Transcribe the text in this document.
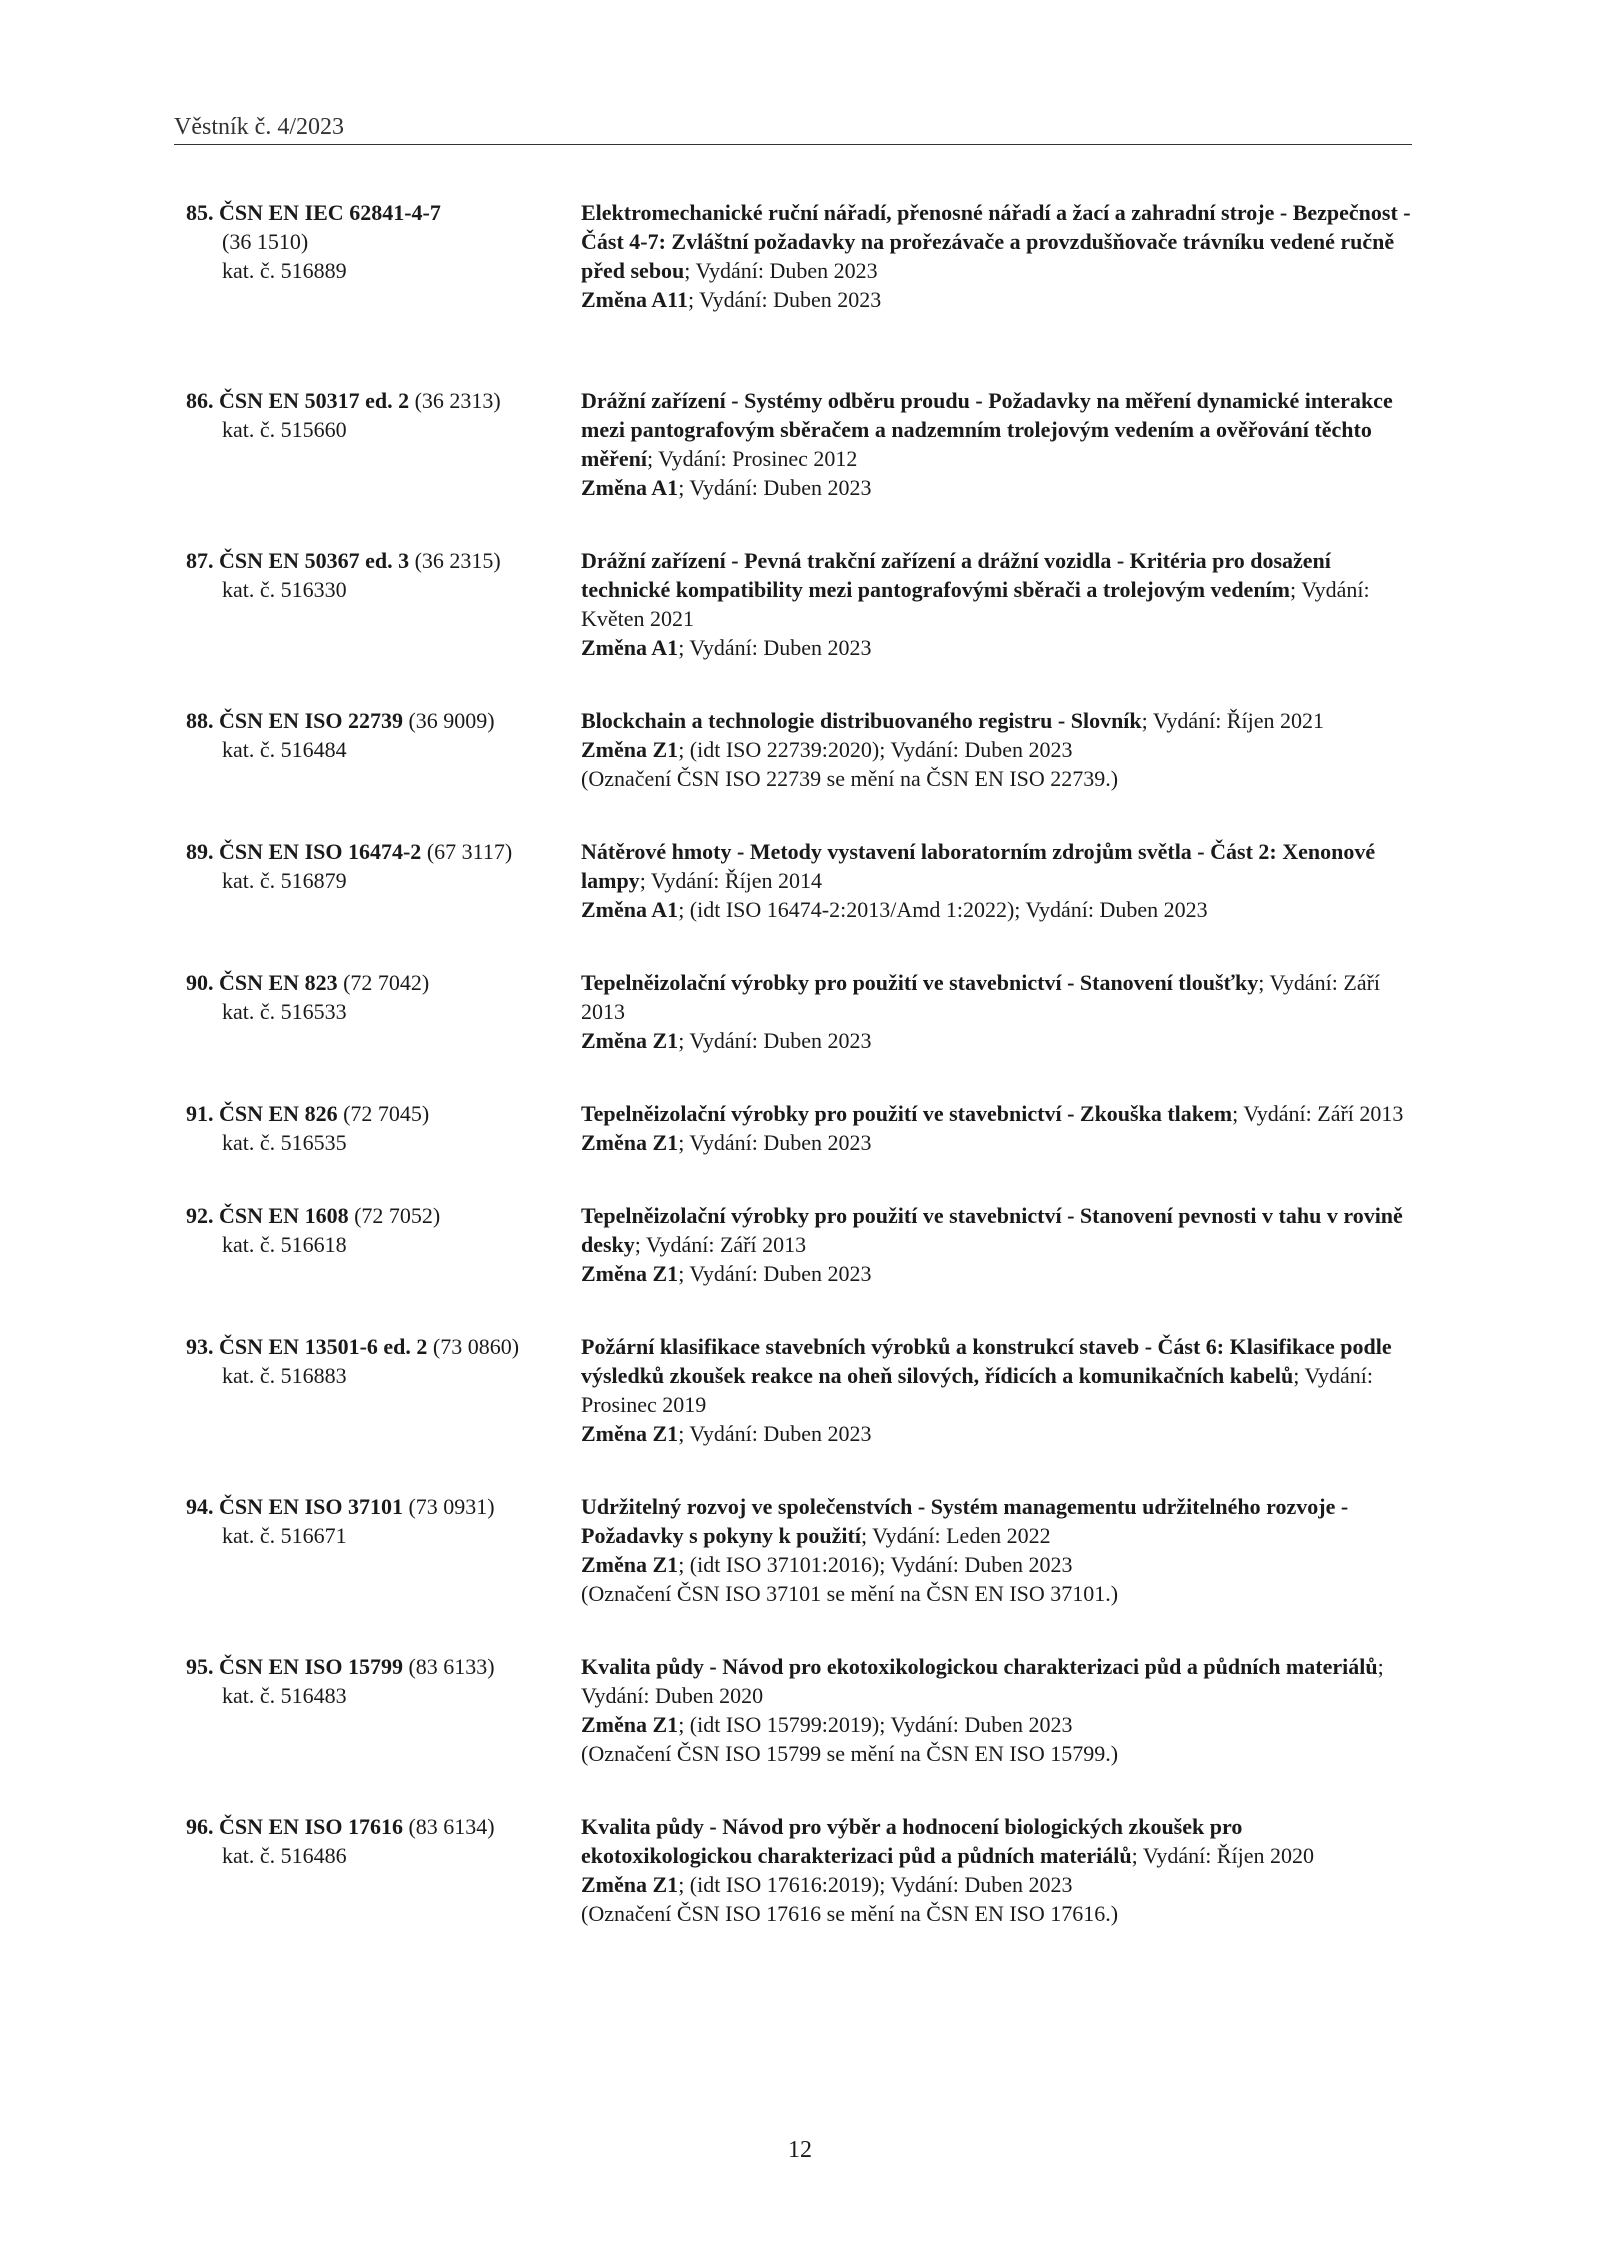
Věstník č. 4/2023
85. ČSN EN IEC 62841-4-7
(36 1510)
kat. č. 516889
Elektromechanické ruční nářadí, přenosné nářadí a žací a zahradní stroje - Bezpečnost - Část 4-7: Zvláštní požadavky na prořezávače a provzdušňovače trávníku vedené ručně před sebou; Vydání: Duben 2023
Změna A11; Vydání: Duben 2023
86. ČSN EN 50317 ed. 2 (36 2313)
kat. č. 515660
Drážní zařízení - Systémy odběru proudu - Požadavky na měření dynamické interakce mezi pantografovým sběračem a nadzemním trolejovým vedením a ověřování těchto měření; Vydání: Prosinec 2012
Změna A1; Vydání: Duben 2023
87. ČSN EN 50367 ed. 3 (36 2315)
kat. č. 516330
Drážní zařízení - Pevná trakční zařízení a drážní vozidla - Kritéria pro dosažení technické kompatibility mezi pantografovými sběrači a trolejovým vedením; Vydání: Květen 2021
Změna A1; Vydání: Duben 2023
88. ČSN EN ISO 22739 (36 9009)
kat. č. 516484
Blockchain a technologie distribuovaného registru - Slovník; Vydání: Říjen 2021
Změna Z1; (idt ISO 22739:2020); Vydání: Duben 2023
(Označení ČSN ISO 22739 se mění na ČSN EN ISO 22739.)
89. ČSN EN ISO 16474-2 (67 3117)
kat. č. 516879
Nátěrové hmoty - Metody vystavení laboratorním zdrojům světla - Část 2: Xenonové lampy; Vydání: Říjen 2014
Změna A1; (idt ISO 16474-2:2013/Amd 1:2022); Vydání: Duben 2023
90. ČSN EN 823 (72 7042)
kat. č. 516533
Tepelněizolační výrobky pro použití ve stavebnictví - Stanovení tloušťky; Vydání: Září 2013
Změna Z1; Vydání: Duben 2023
91. ČSN EN 826 (72 7045)
kat. č. 516535
Tepelněizolační výrobky pro použití ve stavebnictví - Zkouška tlakem; Vydání: Září 2013
Změna Z1; Vydání: Duben 2023
92. ČSN EN 1608 (72 7052)
kat. č. 516618
Tepelněizolační výrobky pro použití ve stavebnictví - Stanovení pevnosti v tahu v rovině desky; Vydání: Září 2013
Změna Z1; Vydání: Duben 2023
93. ČSN EN 13501-6 ed. 2 (73 0860)
kat. č. 516883
Požární klasifikace stavebních výrobků a konstrukcí staveb - Část 6: Klasifikace podle výsledků zkoušek reakce na oheň silových, řídicích a komunikačních kabelů; Vydání: Prosinec 2019
Změna Z1; Vydání: Duben 2023
94. ČSN EN ISO 37101 (73 0931)
kat. č. 516671
Udržitelný rozvoj ve společenstvích - Systém managementu udržitelného rozvoje - Požadavky s pokyny k použití; Vydání: Leden 2022
Změna Z1; (idt ISO 37101:2016); Vydání: Duben 2023
(Označení ČSN ISO 37101 se mění na ČSN EN ISO 37101.)
95. ČSN EN ISO 15799 (83 6133)
kat. č. 516483
Kvalita půdy - Návod pro ekotoxikologickou charakterizaci půd a půdních materiálů; Vydání: Duben 2020
Změna Z1; (idt ISO 15799:2019); Vydání: Duben 2023
(Označení ČSN ISO 15799 se mění na ČSN EN ISO 15799.)
96. ČSN EN ISO 17616 (83 6134)
kat. č. 516486
Kvalita půdy - Návod pro výběr a hodnocení biologických zkoušek pro ekotoxikologickou charakterizaci půd a půdních materiálů; Vydání: Říjen 2020
Změna Z1; (idt ISO 17616:2019); Vydání: Duben 2023
(Označení ČSN ISO 17616 se mění na ČSN EN ISO 17616.)
12
